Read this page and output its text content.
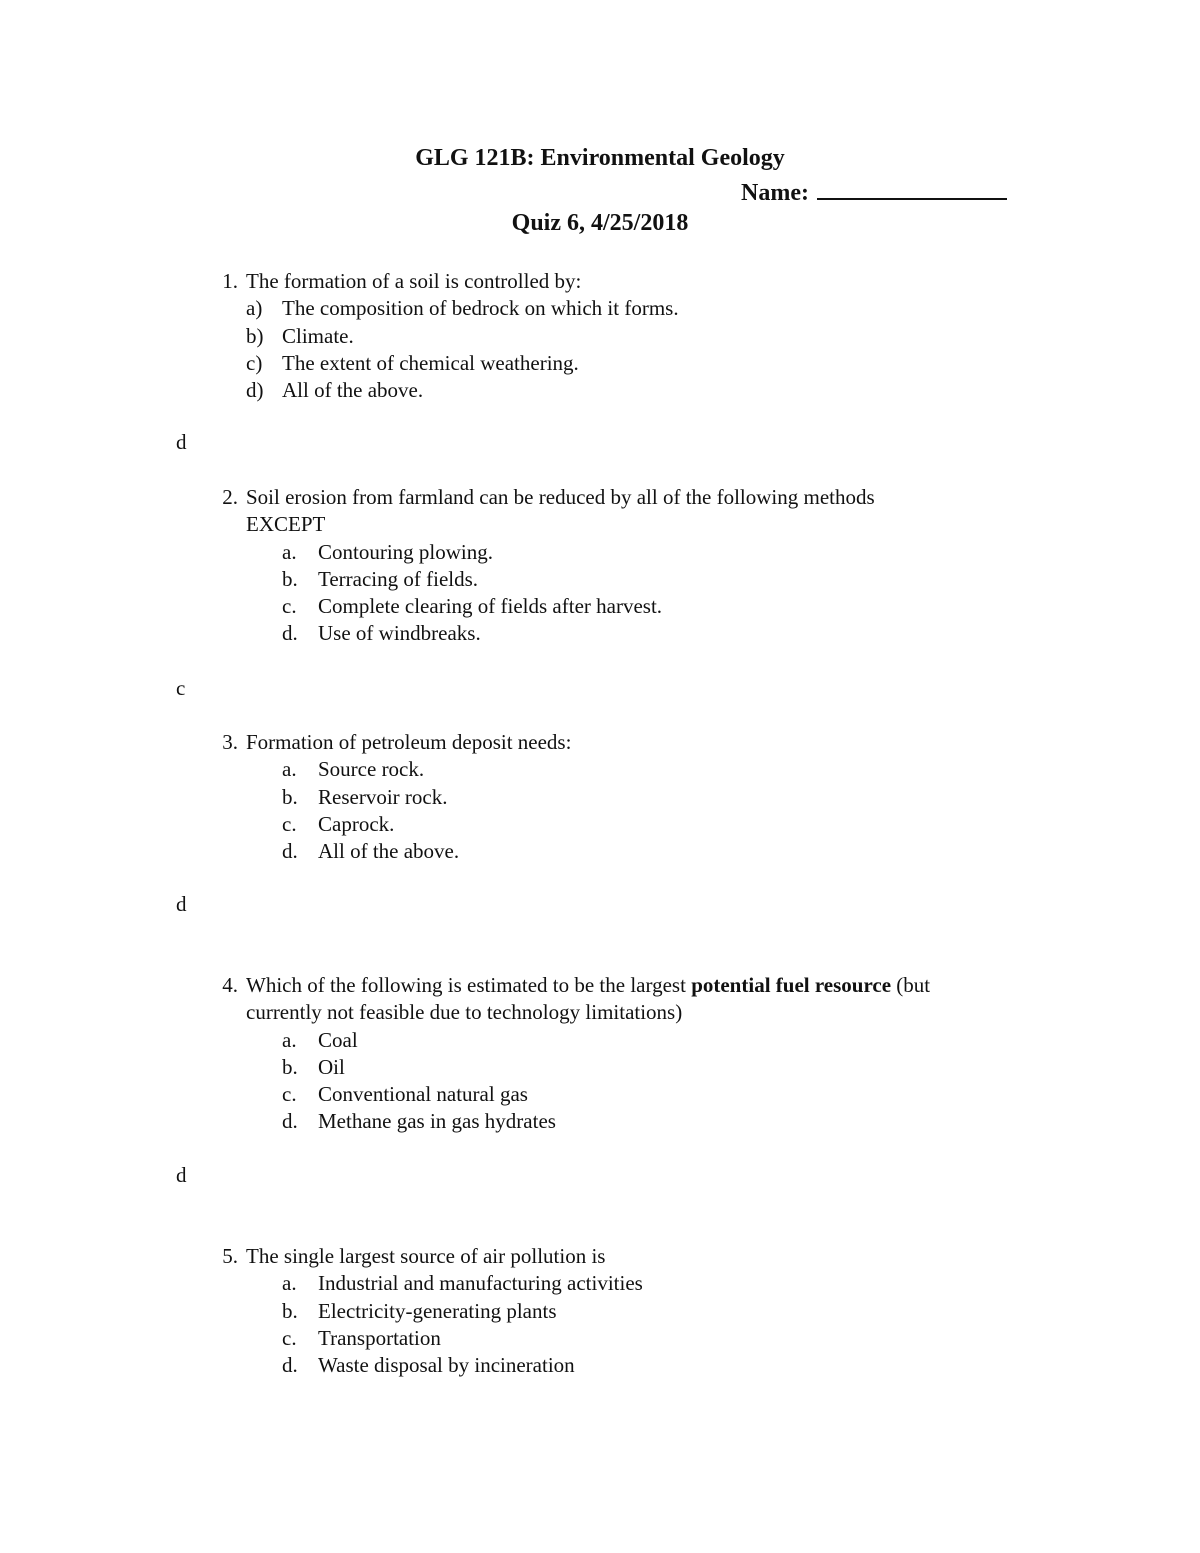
GLG 121B: Environmental Geology
Name:
Quiz 6, 4/25/2018
1. The formation of a soil is controlled by:
a) The composition of bedrock on which it forms.
b) Climate.
c) The extent of chemical weathering.
d) All of the above.
d
2. Soil erosion from farmland can be reduced by all of the following methods
EXCEPT
a. Contouring plowing.
b. Terracing of fields.
c. Complete clearing of fields after harvest.
d. Use of windbreaks.
c
3. Formation of petroleum deposit needs:
a. Source rock.
b. Reservoir rock.
c. Caprock.
d. All of the above.
d
4. Which of the following is estimated to be the largest potential fuel resource (but
currently not feasible due to technology limitations)
a. Coal
b. Oil
c. Conventional natural gas
d. Methane gas in gas hydrates
d
5. The single largest source of air pollution is
a. Industrial and manufacturing activities
b. Electricity-generating plants
c. Transportation
d. Waste disposal by incineration
